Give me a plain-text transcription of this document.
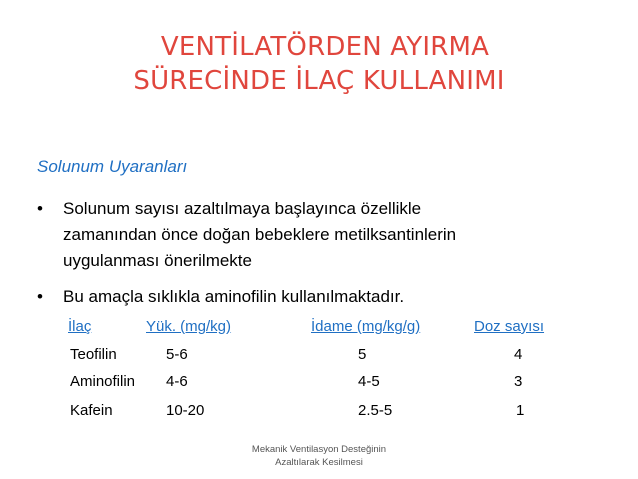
VENTİLATÖRDEN AYIRMA
SÜRECİNDE İLAÇ KULLANIMI
Solunum Uyaranları
• Solunum sayısı azaltılmaya başlayınca özellikle
zamanından önce doğan bebeklere metilksantinlerin
uygulanması önerilmekte
• Bu amaçla sıklıkla aminofilin kullanılmaktadır.
İlaç	Yük. (mg/kg)	İdame (mg/kg/g)	Doz sayısı
Teofilin	5-6	5	4
Aminofilin 4-6	4-5	3
Kafein	10-20	2.5-5	1
Mekanik Ventilasyon Desteğinin
Azaltılarak Kesilmesi
